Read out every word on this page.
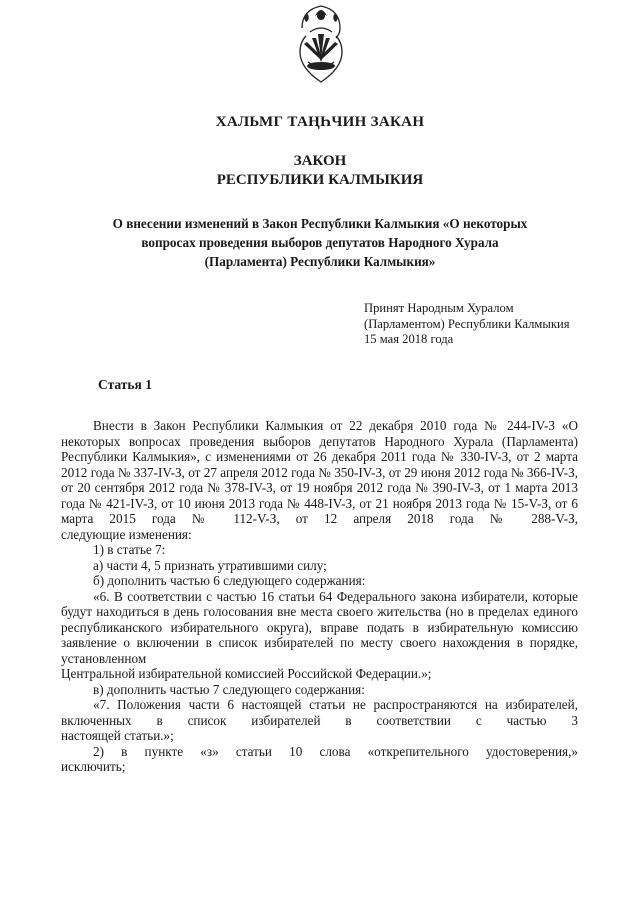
ХАЛЬМГ ТАҢҺЧИН ЗАКАН
ЗАКОН
РЕСПУБЛИКИ КАЛМЫКИЯ
О внесении изменений в Закон Республики Калмыкия «О некоторых
вопросах проведения выборов депутатов Народного Хурала
(Парламента) Республики Калмыкия»
Принят Народным Хуралом
(Парламентом) Республики Калмыкия
15 мая 2018 года
Статья 1

Внести в Закон Республики Калмыкия от 22 декабря 2010 года № 244-IV-З «О некоторых вопросах проведения выборов депутатов Народного Хурала (Парламента) Республики Калмыкия», с изменениями от 26 декабря 2011 года № 330-IV-З, от 2 марта 2012 года № 337-IV-З, от 27 апреля 2012 года № 350-IV-З, от 29 июня 2012 года № 366-IV-З, от 20 сентября 2012 года № 378-IV-З, от 19 ноября 2012 года № 390-IV-З, от 1 марта 2013 года № 421-IV-З, от 10 июня 2013 года № 448-IV-З, от 21 ноября 2013 года № 15-V-З, от 6 марта 2015 года № 112-V-З, от 12 апреля 2018 года № 288-V-З,

следующие изменения:

1) в статье 7:

а) части 4, 5 признать утратившими силу;

б) дополнить частью 6 следующего содержания:

«6. В соответствии с частью 16 статьи 64 Федерального закона избиратели, которые будут находиться в день голосования вне места своего жительства (но в пределах единого республиканского избирательного округа), вправе подать в избирательную комиссию заявление о включении в список избирателей по месту своего нахождения в порядке, установленном

Центральной избирательной комиссией Российской Федерации.»;

в) дополнить частью 7 следующего содержания:

«7. Положения части 6 настоящей статьи не распространяются на избирателей, включенных в список избирателей в соответствии с частью 3

настоящей статьи.»;

2) в пункте «з» статьи 10 слова «открепительного удостоверения,»

исключить;
